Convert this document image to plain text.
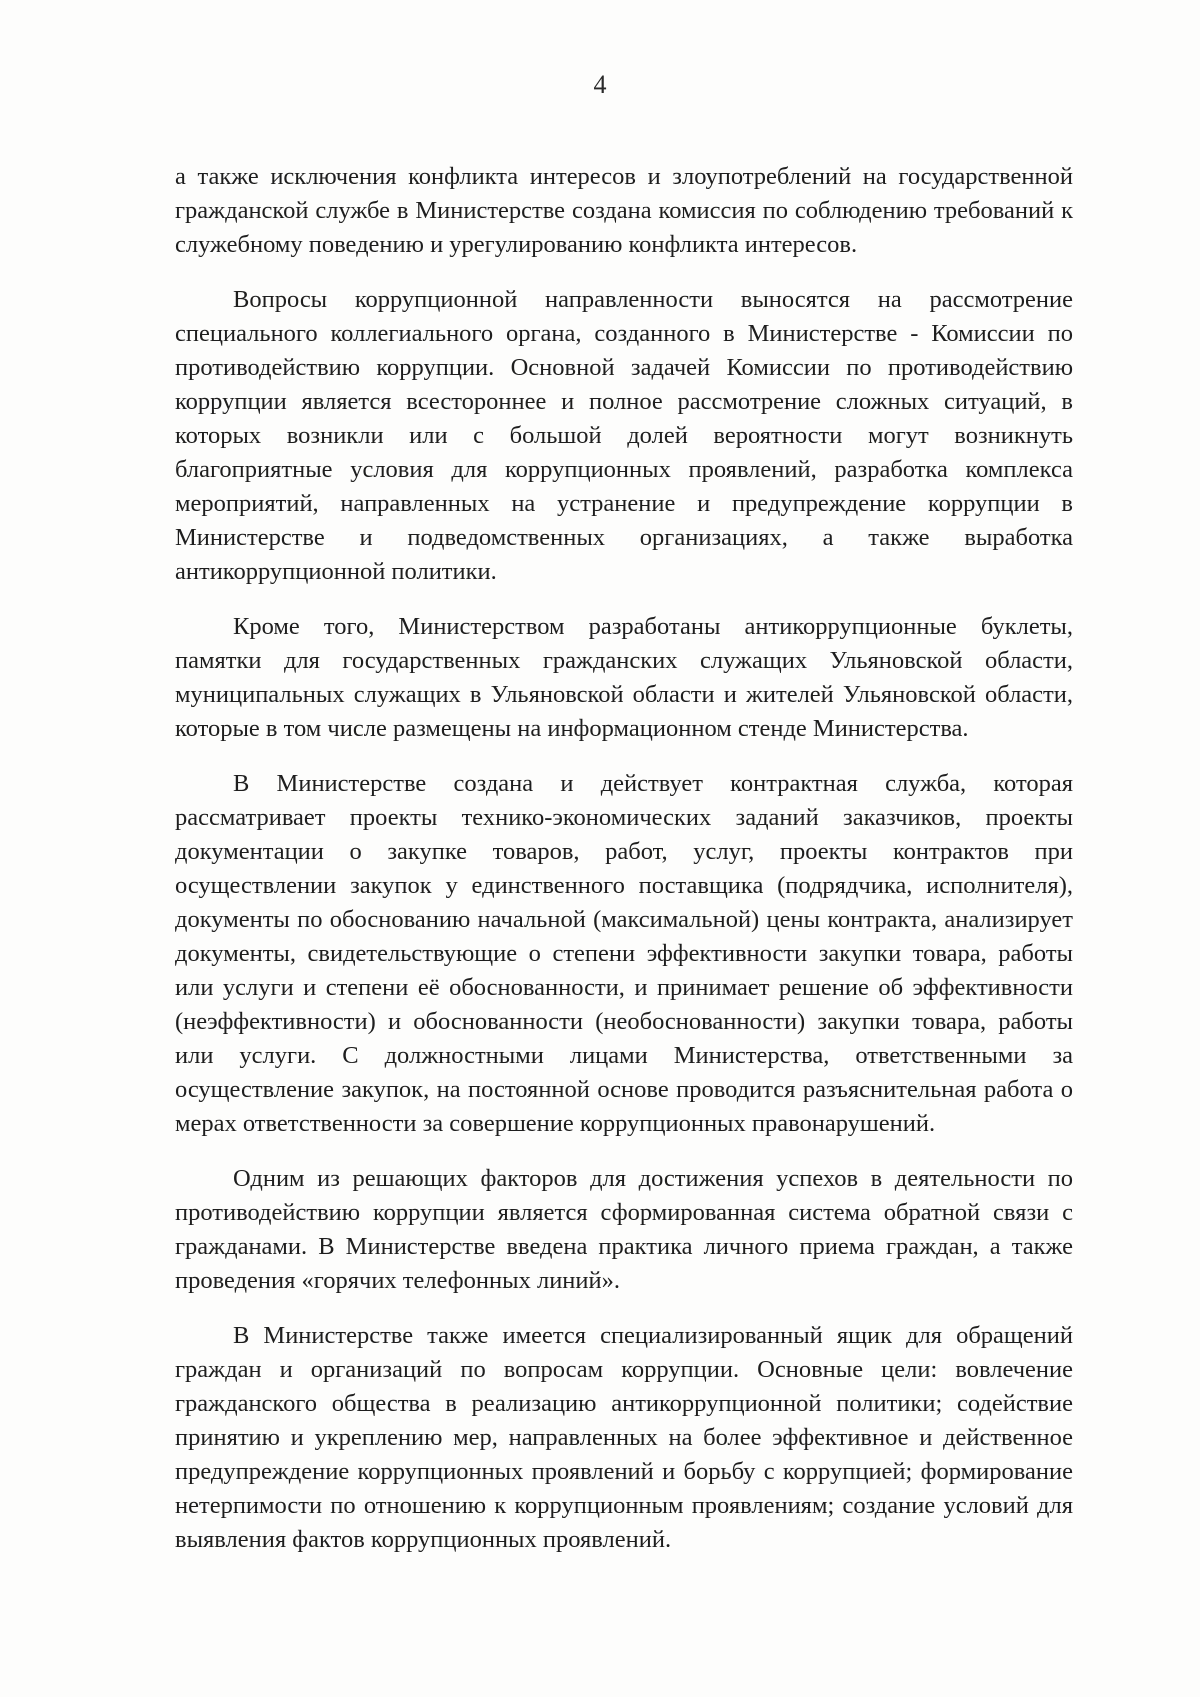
4

а также исключения конфликта интересов и злоупотреблений на государственной гражданской службе в Министерстве создана комиссия по соблюдению требований к служебному поведению и урегулированию конфликта интересов.

Вопросы коррупционной направленности выносятся на рассмотрение специального коллегиального органа, созданного в Министерстве - Комиссии по противодействию коррупции. Основной задачей Комиссии по противодействию коррупции является всестороннее и полное рассмотрение сложных ситуаций, в которых возникли или с большой долей вероятности могут возникнуть благоприятные условия для коррупционных проявлений, разработка комплекса мероприятий, направленных на устранение и предупреждение коррупции в Министерстве и подведомственных организациях, а также выработка антикоррупционной политики.

Кроме того, Министерством разработаны антикоррупционные буклеты, памятки для государственных гражданских служащих Ульяновской области, муниципальных служащих в Ульяновской области и жителей Ульяновской области, которые в том числе размещены на информационном стенде Министерства.

В Министерстве создана и действует контрактная служба, которая рассматривает проекты технико-экономических заданий заказчиков, проекты документации о закупке товаров, работ, услуг, проекты контрактов при осуществлении закупок у единственного поставщика (подрядчика, исполнителя), документы по обоснованию начальной (максимальной) цены контракта, анализирует документы, свидетельствующие о степени эффективности закупки товара, работы или услуги и степени её обоснованности, и принимает решение об эффективности (неэффективности) и обоснованности (необоснованности) закупки товара, работы или услуги. С должностными лицами Министерства, ответственными за осуществление закупок, на постоянной основе проводится разъяснительная работа о мерах ответственности за совершение коррупционных правонарушений.

Одним из решающих факторов для достижения успехов в деятельности по противодействию коррупции является сформированная система обратной связи с гражданами. В Министерстве введена практика личного приема граждан, а также проведения «горячих телефонных линий».

В Министерстве также имеется специализированный ящик для обращений граждан и организаций по вопросам коррупции. Основные цели: вовлечение гражданского общества в реализацию антикоррупционной политики; содействие принятию и укреплению мер, направленных на более эффективное и действенное предупреждение коррупционных проявлений и борьбу с коррупцией; формирование нетерпимости по отношению к коррупционным проявлениям; создание условий для выявления фактов коррупционных проявлений.
